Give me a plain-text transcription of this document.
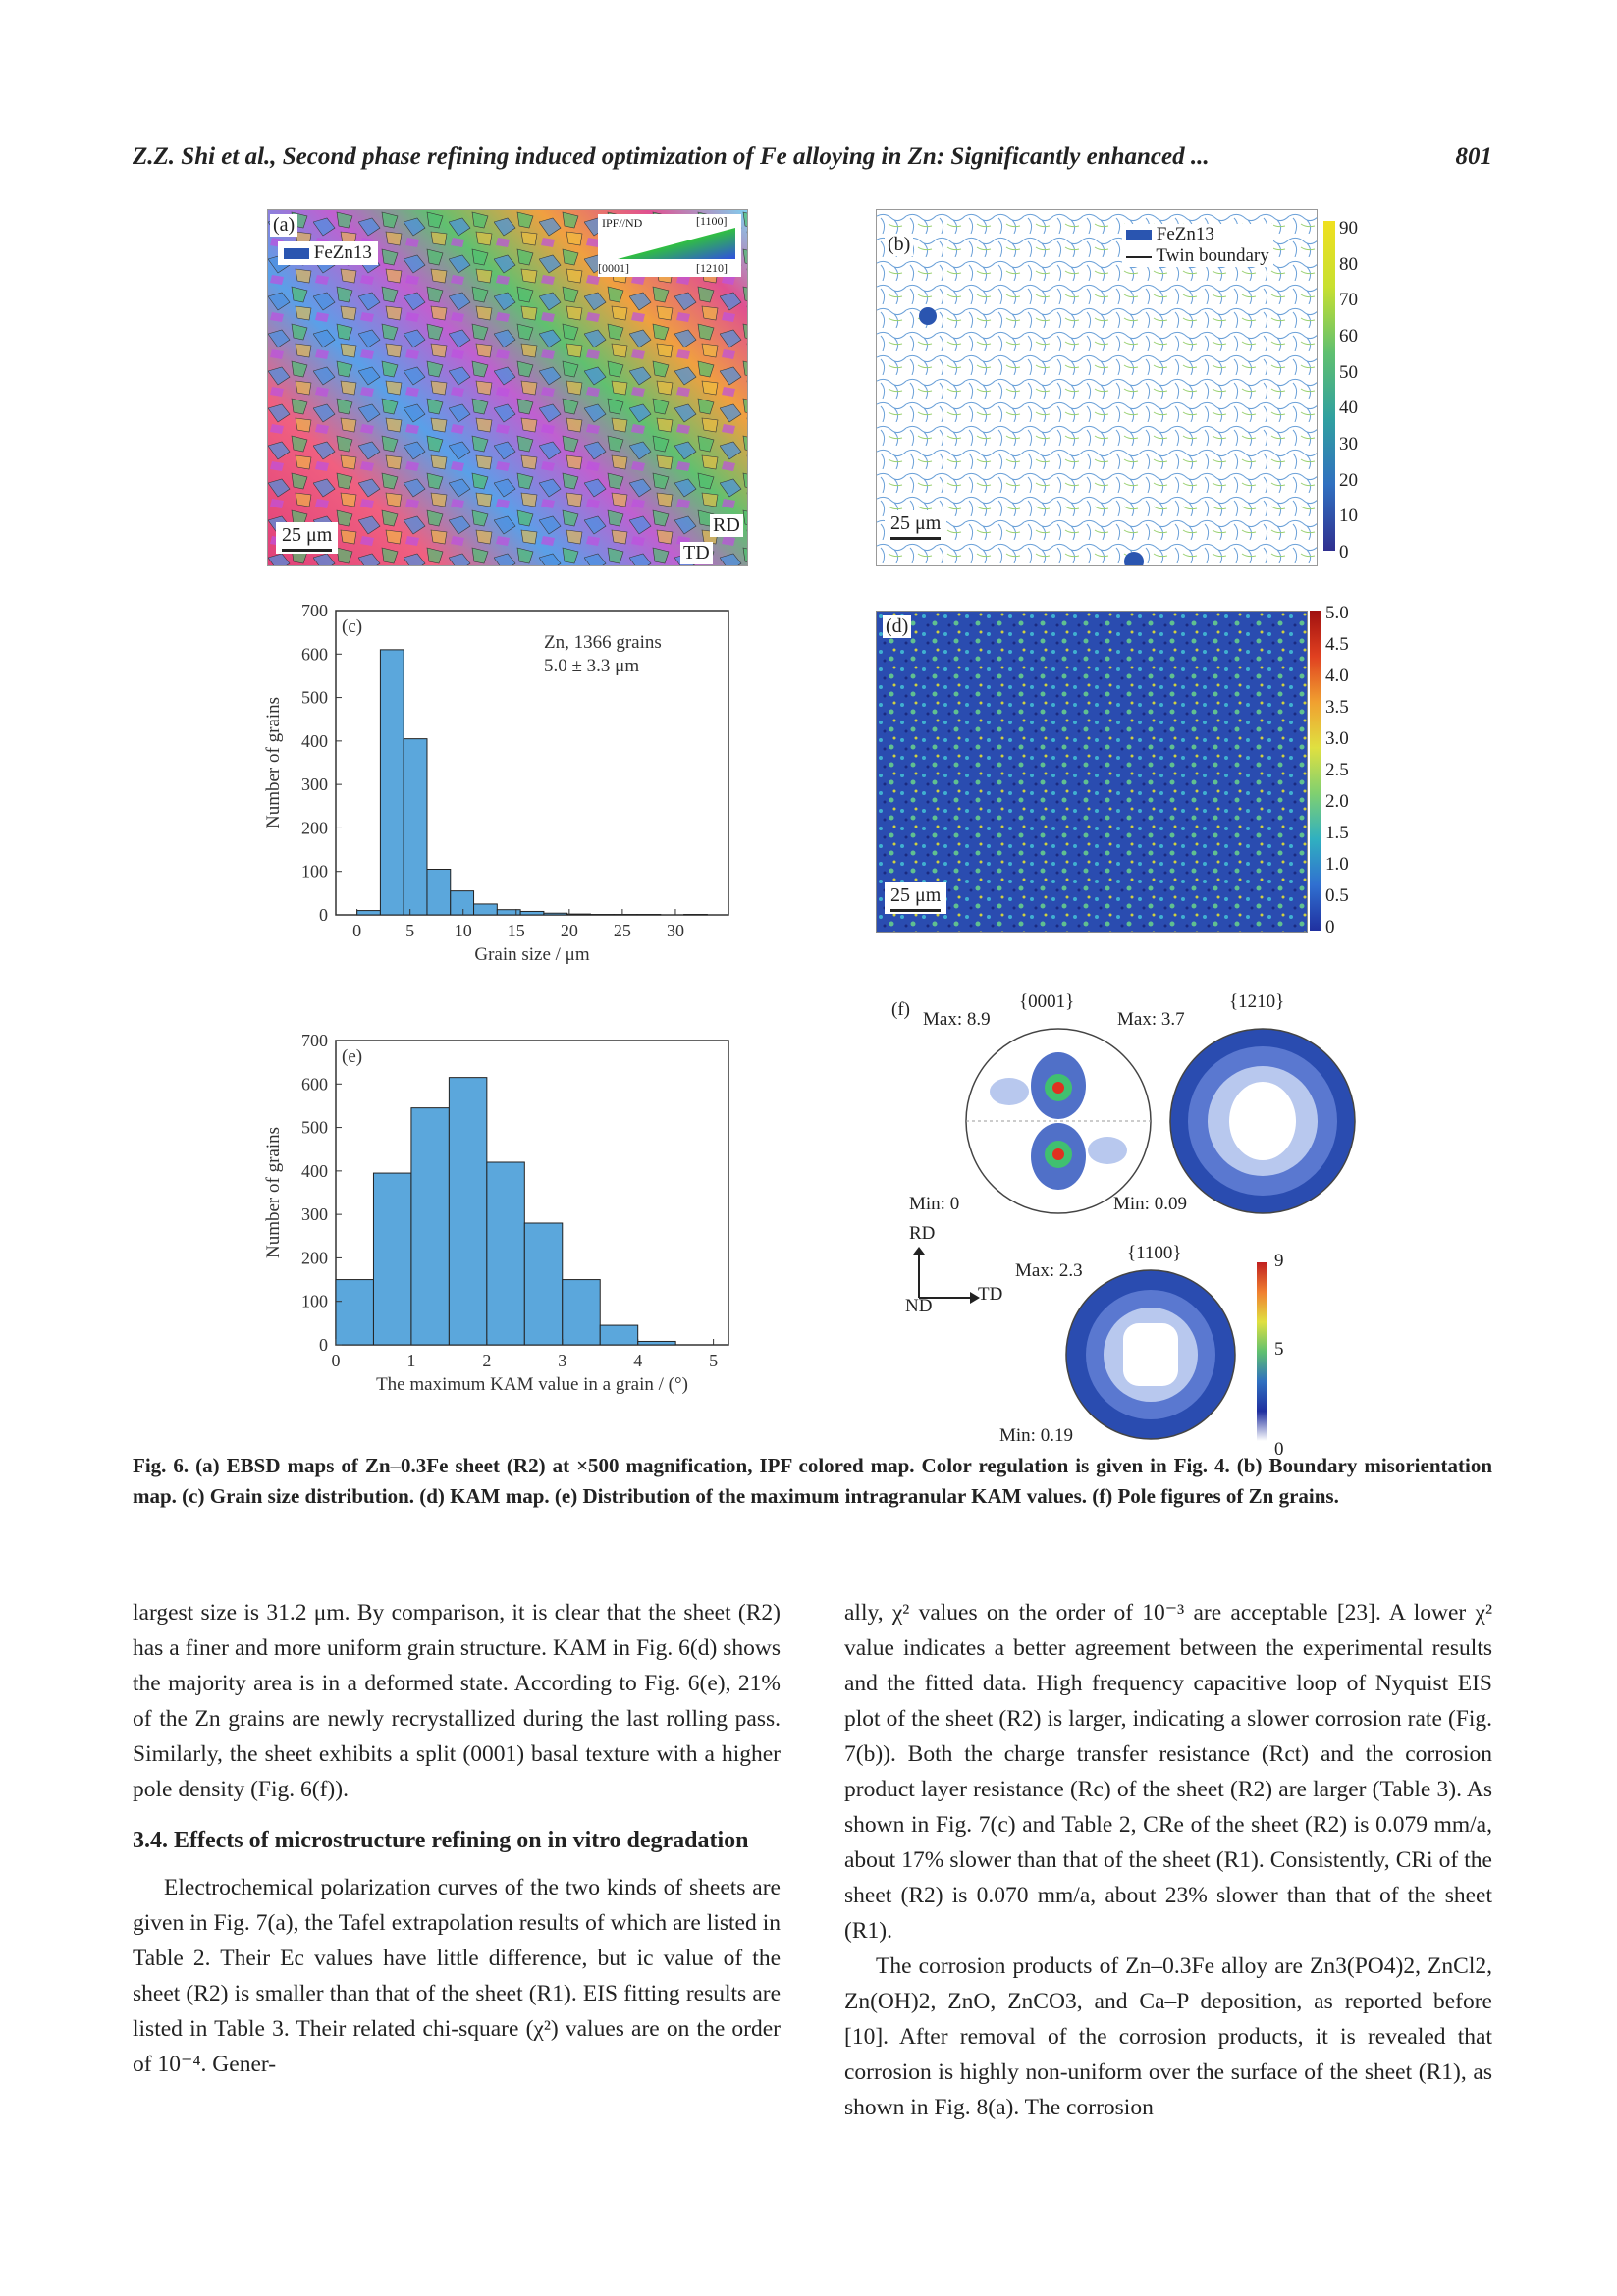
Z.Z. Shi et al., Second phase refining induced optimization of Fe alloying in Zn: Significantly enhanced ...	801
(a)
FeZn13
IPF//ND	[1100]
[0001]	[1210]
25 μm	RD
TD
(b)	FeZn13
Twin boundary
25 μm
90
80
70
60
50
40
30
20
10
0
0
100
200
300
400
500
600
700
0	5 10 15 20 25 30
Grain size / μm
Number of grains
(c)
Zn, 1366 grains
5.0 ± 3.3 μm
(d)
25 μm
5.0
4.5
4.0
3.5
3.0
2.5
2.0
1.5
1.0
0.5
0
0
100
200
300
400
500
600
700
0	1	2	3	4	5
The maximum KAM value in a grain / (°)
Number of grains
(e)
(f) Max: 8.9
{0001}
Max: 3.7
{1210}
Min: 0	Min: 0.09
RD
TD
ND
{1100}
Max: 2.3
Min: 0.19
9
5
0
Fig. 6. (a) EBSD maps of Zn–0.3Fe sheet (R2) at ×500 magnification, IPF colored map. Color regulation is given in Fig. 4. (b) Boundary misorientation map. (c) Grain size distribution. (d) KAM map. (e) Distribution of the maximum intragranular KAM values. (f) Pole figures of Zn grains.

largest size is 31.2 μm. By comparison, it is clear that the sheet (R2) has a finer and more uniform grain structure. KAM in Fig. 6(d) shows the majority area is in a deformed state. According to Fig. 6(e), 21% of the Zn grains are newly recrystallized during the last rolling pass. Similarly, the sheet exhibits a split (0001) basal texture with a higher pole density (Fig. 6(f)).

3.4. Effects of microstructure refining on in vitro degradation

Electrochemical polarization curves of the two kinds of sheets are given in Fig. 7(a), the Tafel extrapolation results of which are listed in Table 2. Their Ec values have little difference, but ic value of the sheet (R2) is smaller than that of the sheet (R1). EIS fitting results are listed in Table 3. Their related chi-square (χ²) values are on the order of 10⁻⁴. Gener-

ally, χ² values on the order of 10⁻³ are acceptable [23]. A lower χ² value indicates a better agreement between the experimental results and the fitted data. High frequency capacitive loop of Nyquist EIS plot of the sheet (R2) is larger, indicating a slower corrosion rate (Fig. 7(b)). Both the charge transfer resistance (Rct) and the corrosion product layer resistance (Rc) of the sheet (R2) are larger (Table 3). As shown in Fig. 7(c) and Table 2, CRe of the sheet (R2) is 0.079 mm/a, about 17% slower than that of the sheet (R1). Consistently, CRi of the sheet (R2) is 0.070 mm/a, about 23% slower than that of the sheet (R1).

The corrosion products of Zn–0.3Fe alloy are Zn3(PO4)2, ZnCl2, Zn(OH)2, ZnO, ZnCO3, and Ca–P deposition, as reported before [10]. After removal of the corrosion products, it is revealed that corrosion is highly non-uniform over the surface of the sheet (R1), as shown in Fig. 8(a). The corrosion
